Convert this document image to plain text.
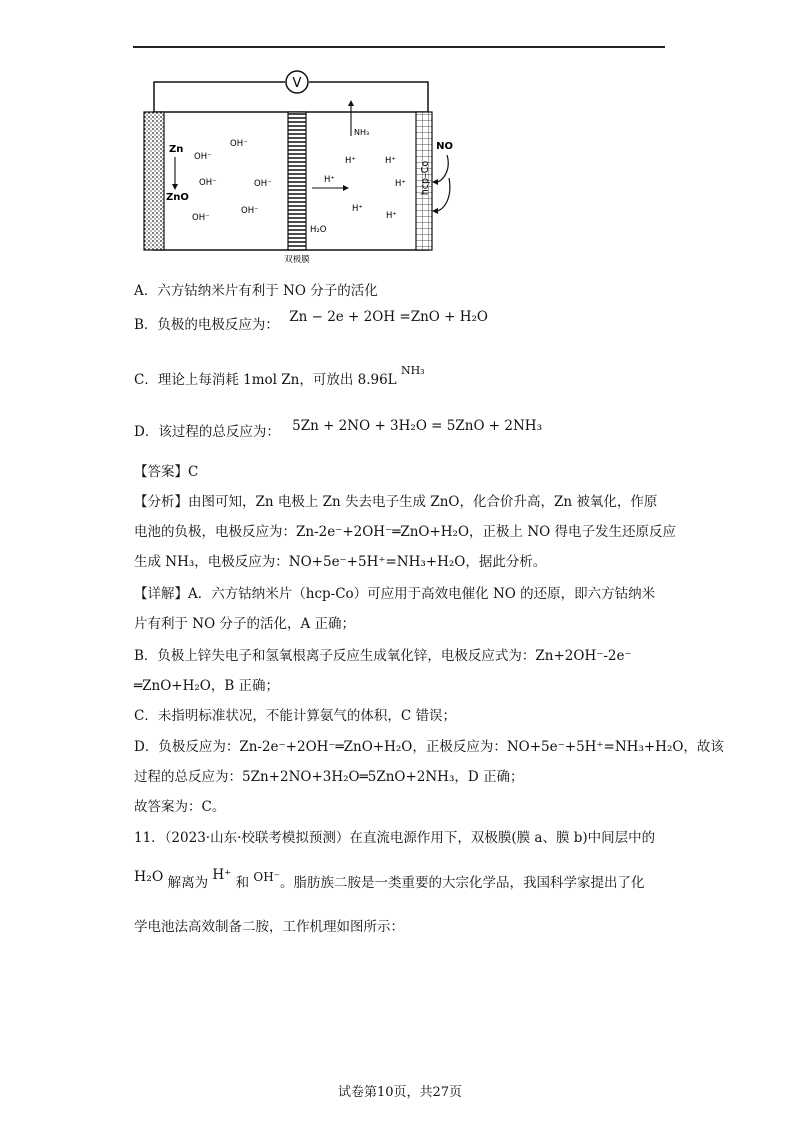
V
hcp–Co
Zn
ZnO
OH⁻
OH⁻
OH⁻	OH⁻
OH⁻
OH⁻
NH₃
H⁺	H⁺
H⁺
H⁺
H⁺
H⁺
H₂O
NO
双极膜
A．六方钴纳米片有利于 NO 分子的活化
B．负极的电极反应为： Zn − 2e + 2OH =ZnO + H₂O
C．理论上每消耗 1mol Zn，可放出 8.96L $^{NH_3}$
D．该过程的总反应为： 5Zn + 2NO + 3H₂O = 5ZnO + 2NH₃
【答案】C
【分析】由图可知，Zn 电极上 Zn 失去电子生成 ZnO，化合价升高，Zn 被氧化，作原
电池的负极，电极反应为：Zn-2e⁻+2OH⁻═ZnO+H₂O，正极上 NO 得电子发生还原反应
生成 NH₃，电极反应为：NO+5e⁻+5H⁺=NH₃+H₂O，据此分析。
【详解】A．六方钴纳米片（hcp-Co）可应用于高效电催化 NO 的还原，即六方钴纳米
片有利于 NO 分子的活化，A 正确；
B．负极上锌失电子和氢氧根离子反应生成氧化锌，电极反应式为：Zn+2OH⁻-2e⁻
═ZnO+H₂O，B 正确；
C．未指明标准状况，不能计算氨气的体积，C 错误；
D．负极反应为：Zn-2e⁻+2OH⁻═ZnO+H₂O，正极反应为：NO+5e⁻+5H⁺=NH₃+H₂O，故该
过程的总反应为：5Zn+2NO+3H₂O═5ZnO+2NH₃，D 正确；
故答案为：C。
11．（2023·山东·校联考模拟预测）在直流电源作用下，双极膜(膜 a、膜 b)中间层中的
H₂O 解离为 H⁺ 和 OH⁻。脂肪族二胺是一类重要的大宗化学品，我国科学家提出了化
学电池法高效制备二胺，工作机理如图所示：
试卷第10页，共27页
